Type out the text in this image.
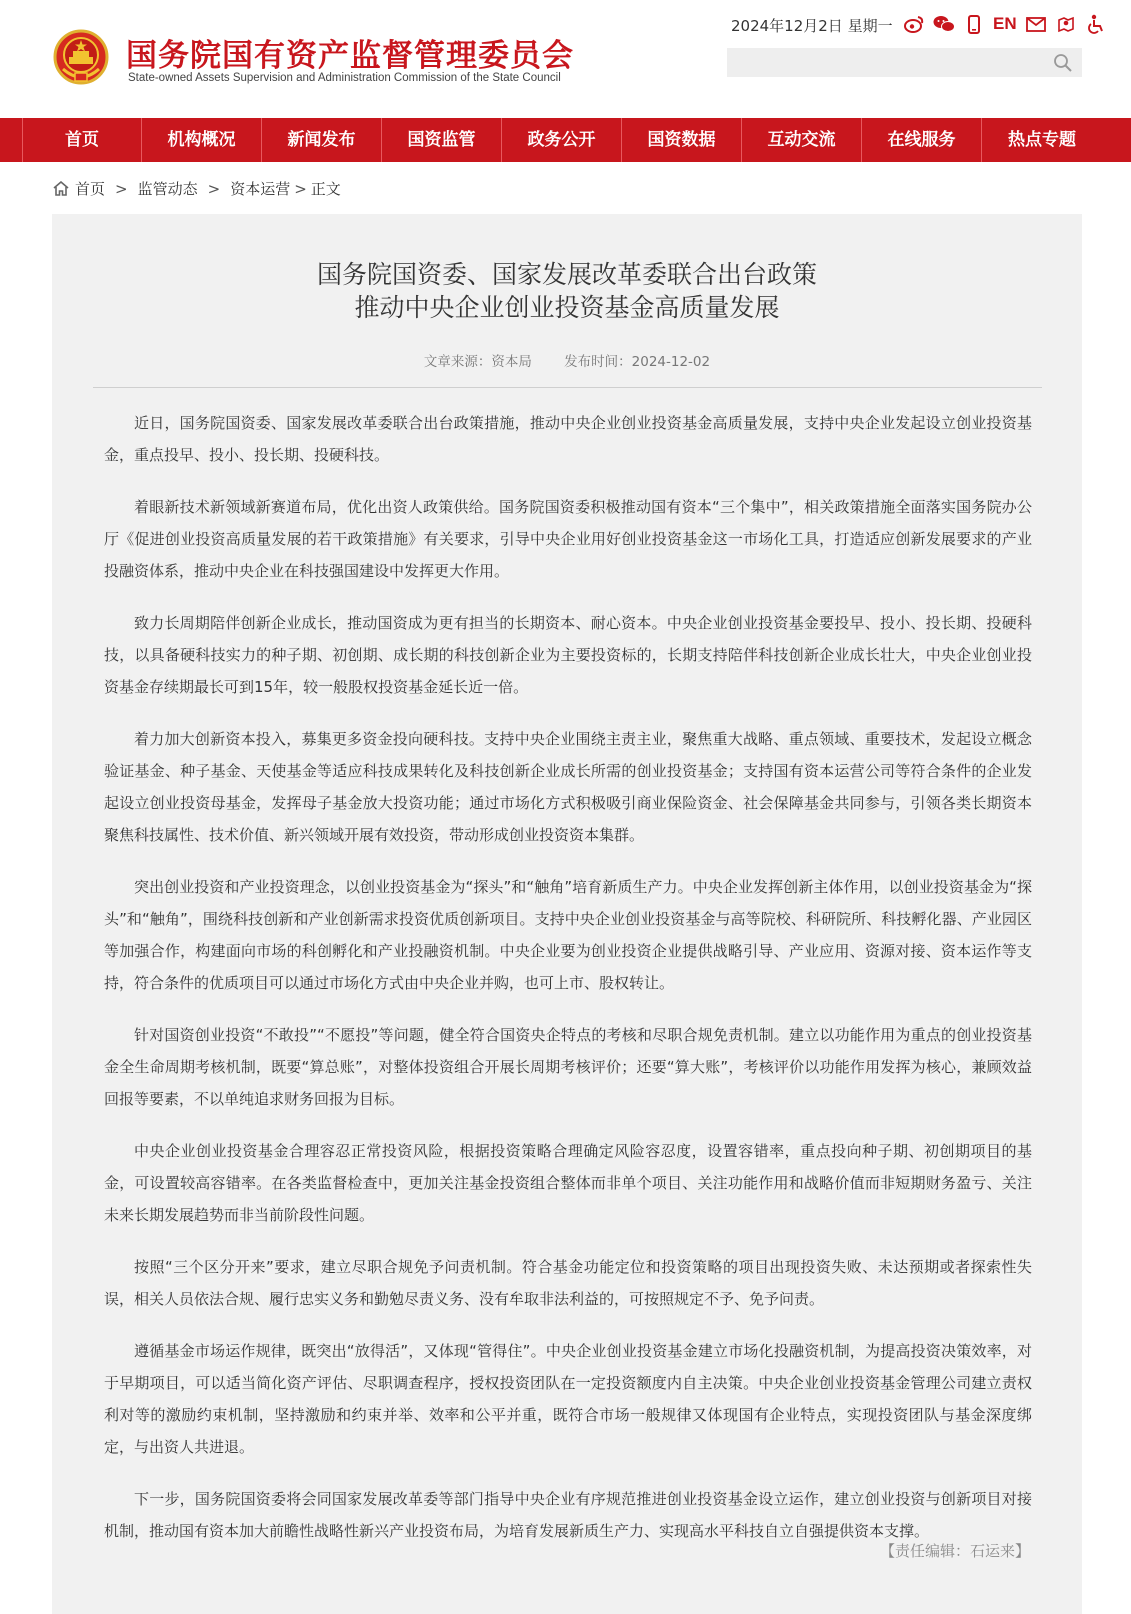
国务院国有资产监督管理委员会
State-owned Assets Supervision and Administration Commission of the State Council
2024年12月2日 星期一	EN
首页	机构概况	新闻发布	国资监管	政务公开	国资数据	互动交流	在线服务	热点专题
首页 > 监管动态 > 资本运营 > 正文
国务院国资委、国家发展改革委联合出台政策
推动中央企业创业投资基金高质量发展
文章来源：资本局 发布时间：2024-12-02

近日，国务院国资委、国家发展改革委联合出台政策措施，推动中央企业创业投资基金高质量发展，支持中央企业发起设立创业投资基金，重点投早、投小、投长期、投硬科技。

着眼新技术新领域新赛道布局，优化出资人政策供给。国务院国资委积极推动国有资本“三个集中”，相关政策措施全面落实国务院办公厅《促进创业投资高质量发展的若干政策措施》有关要求，引导中央企业用好创业投资基金这一市场化工具，打造适应创新发展要求的产业投融资体系，推动中央企业在科技强国建设中发挥更大作用。

致力长周期陪伴创新企业成长，推动国资成为更有担当的长期资本、耐心资本。中央企业创业投资基金要投早、投小、投长期、投硬科技，以具备硬科技实力的种子期、初创期、成长期的科技创新企业为主要投资标的，长期支持陪伴科技创新企业成长壮大，中央企业创业投资基金存续期最长可到15年，较一般股权投资基金延长近一倍。

着力加大创新资本投入，募集更多资金投向硬科技。支持中央企业围绕主责主业，聚焦重大战略、重点领域、重要技术，发起设立概念验证基金、种子基金、天使基金等适应科技成果转化及科技创新企业成长所需的创业投资基金；支持国有资本运营公司等符合条件的企业发起设立创业投资母基金，发挥母子基金放大投资功能；通过市场化方式积极吸引商业保险资金、社会保障基金共同参与，引领各类长期资本聚焦科技属性、技术价值、新兴领域开展有效投资，带动形成创业投资资本集群。

突出创业投资和产业投资理念，以创业投资基金为“探头”和“触角”培育新质生产力。中央企业发挥创新主体作用，以创业投资基金为“探头”和“触角”，围绕科技创新和产业创新需求投资优质创新项目。支持中央企业创业投资基金与高等院校、科研院所、科技孵化器、产业园区等加强合作，构建面向市场的科创孵化和产业投融资机制。中央企业要为创业投资企业提供战略引导、产业应用、资源对接、资本运作等支持，符合条件的优质项目可以通过市场化方式由中央企业并购，也可上市、股权转让。

针对国资创业投资“不敢投”“不愿投”等问题，健全符合国资央企特点的考核和尽职合规免责机制。建立以功能作用为重点的创业投资基金全生命周期考核机制，既要“算总账”，对整体投资组合开展长周期考核评价；还要“算大账”，考核评价以功能作用发挥为核心，兼顾效益回报等要素，不以单纯追求财务回报为目标。

中央企业创业投资基金合理容忍正常投资风险，根据投资策略合理确定风险容忍度，设置容错率，重点投向种子期、初创期项目的基金，可设置较高容错率。在各类监督检查中，更加关注基金投资组合整体而非单个项目、关注功能作用和战略价值而非短期财务盈亏、关注未来长期发展趋势而非当前阶段性问题。

按照“三个区分开来”要求，建立尽职合规免予问责机制。符合基金功能定位和投资策略的项目出现投资失败、未达预期或者探索性失误，相关人员依法合规、履行忠实义务和勤勉尽责义务、没有牟取非法利益的，可按照规定不予、免予问责。

遵循基金市场运作规律，既突出“放得活”，又体现“管得住”。中央企业创业投资基金建立市场化投融资机制，为提高投资决策效率，对于早期项目，可以适当简化资产评估、尽职调查程序，授权投资团队在一定投资额度内自主决策。中央企业创业投资基金管理公司建立责权利对等的激励约束机制，坚持激励和约束并举、效率和公平并重，既符合市场一般规律又体现国有企业特点，实现投资团队与基金深度绑定，与出资人共进退。

下一步，国务院国资委将会同国家发展改革委等部门指导中央企业有序规范推进创业投资基金设立运作，建立创业投资与创新项目对接机制，推动国有资本加大前瞻性战略性新兴产业投资布局，为培育发展新质生产力、实现高水平科技自立自强提供资本支撑。

【责任编辑：石运来】
